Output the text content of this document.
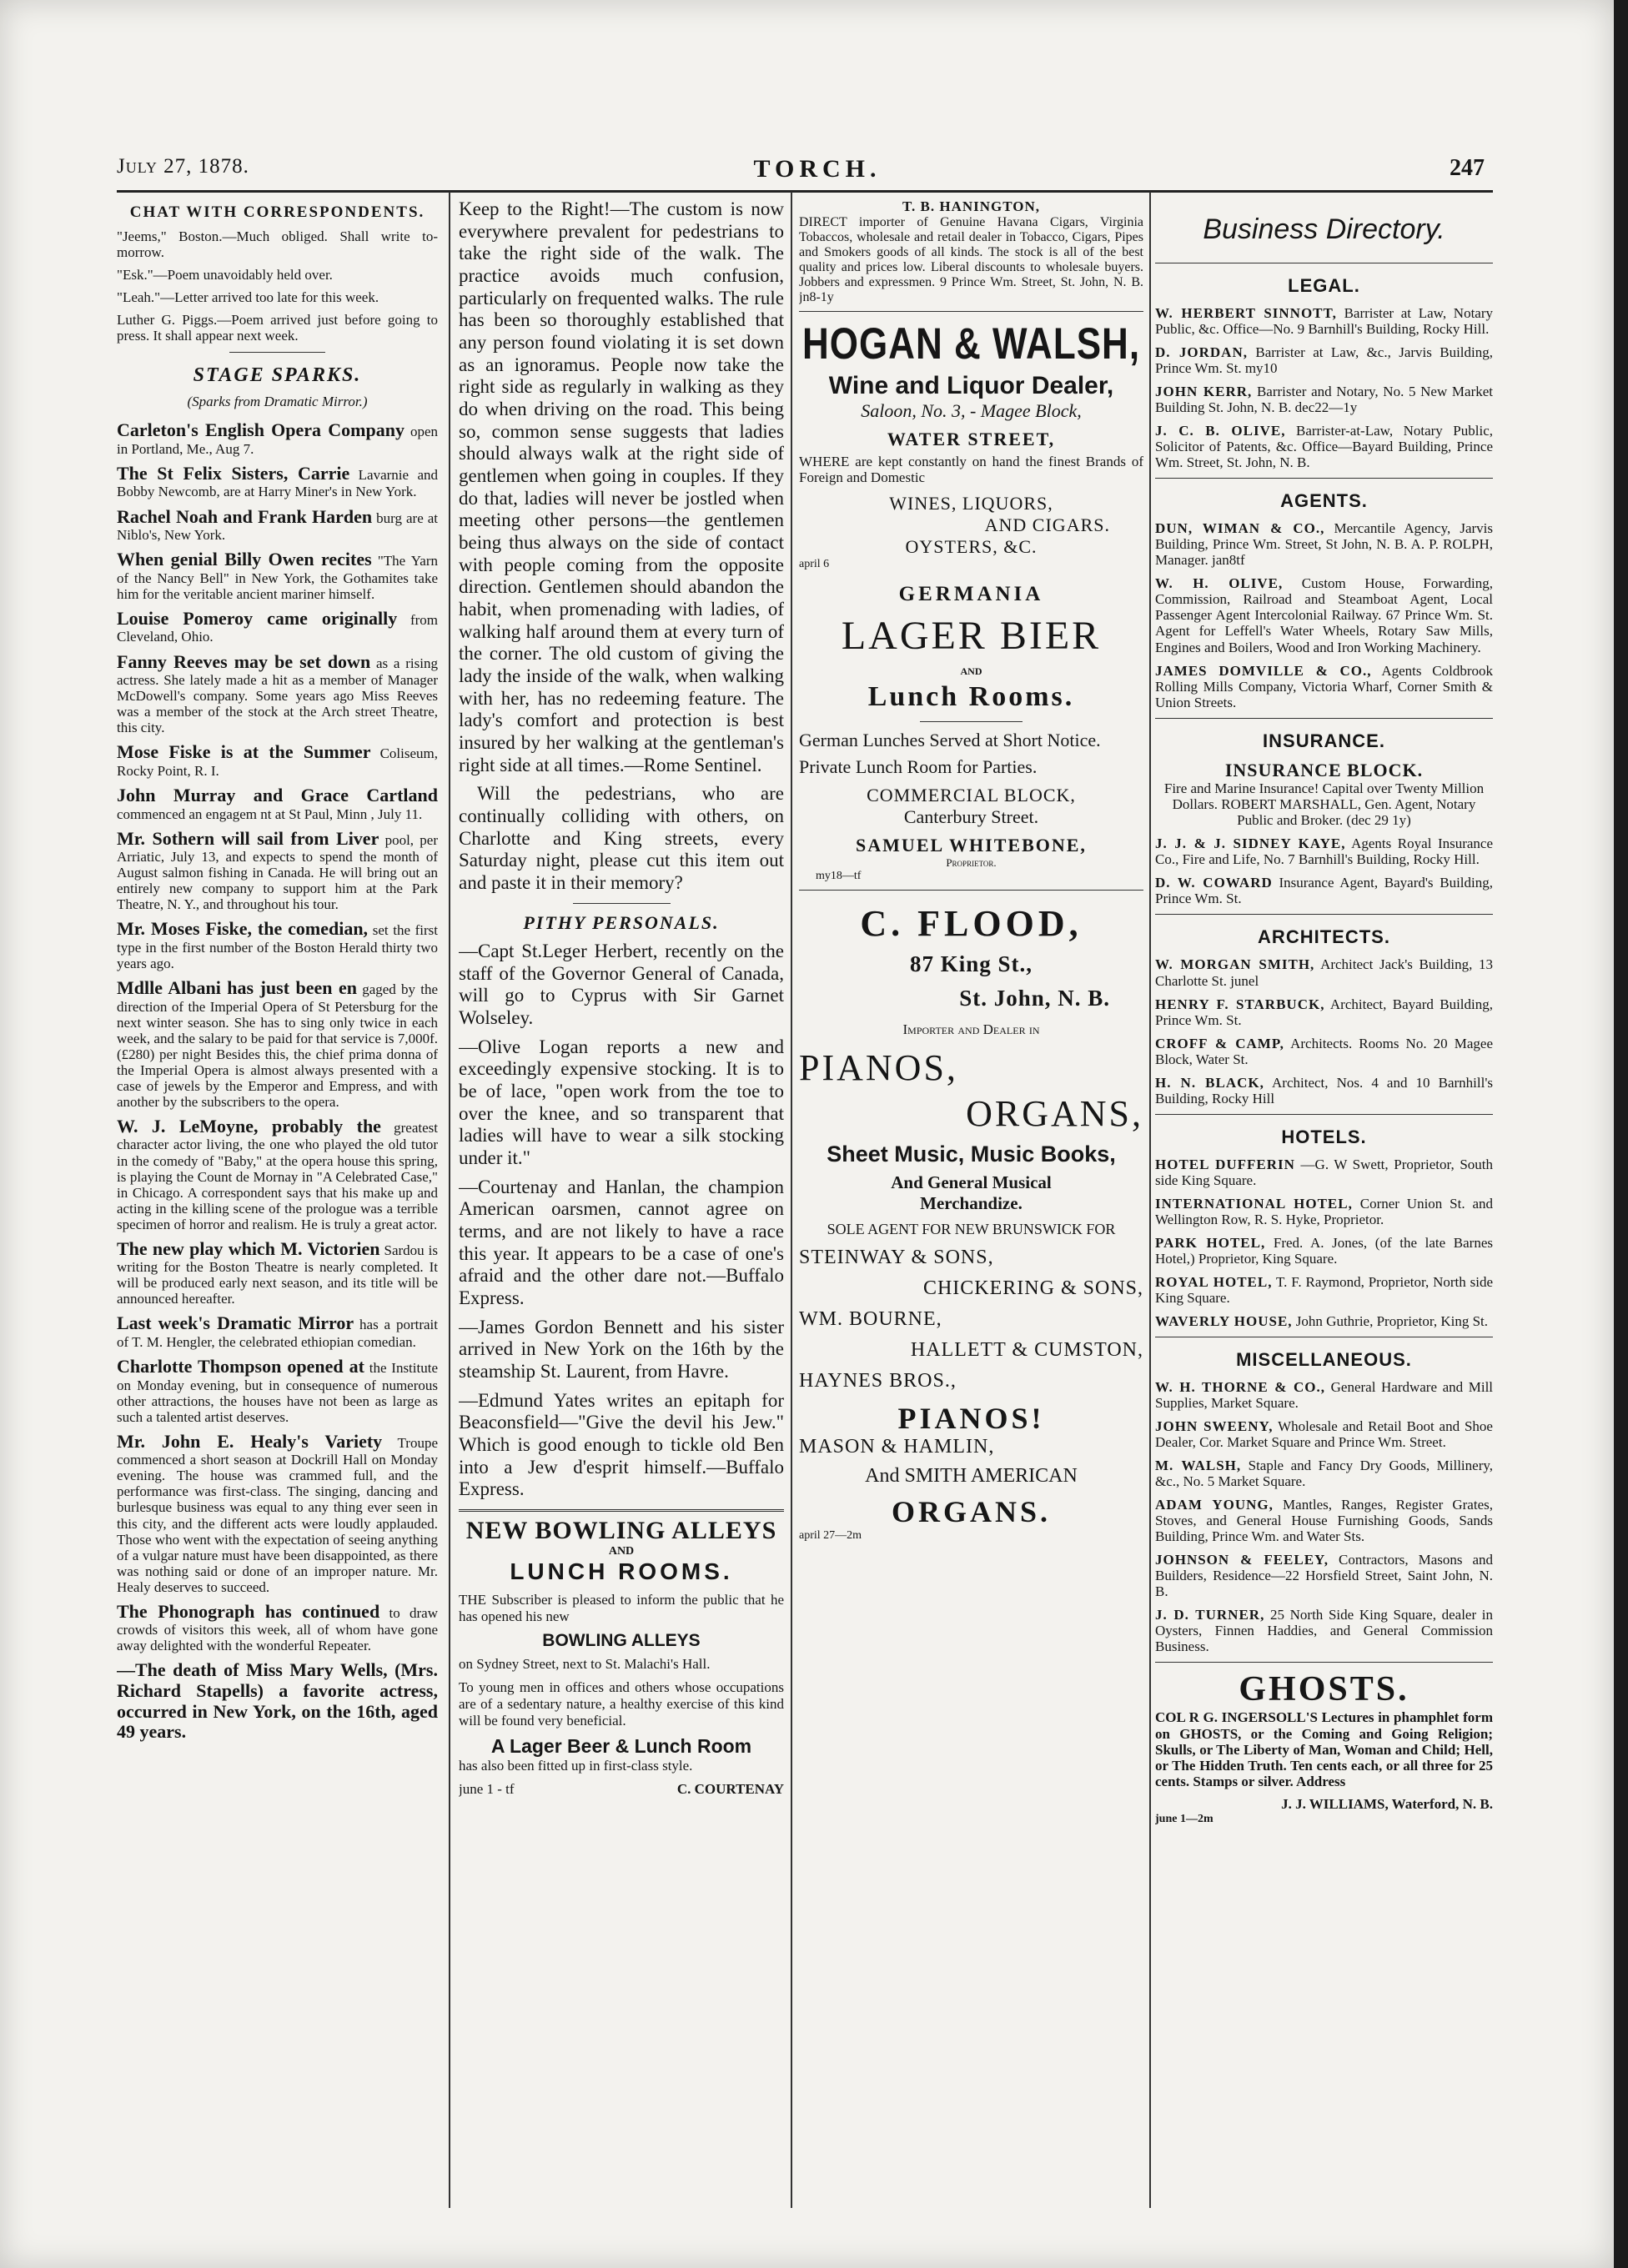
July 27, 1878.	TORCH.	247
CHAT WITH CORRESPONDENTS.

"Jeems," Boston.—Much obliged. Shall write to-morrow.

"Esk."—Poem unavoidably held over.

"Leah."—Letter arrived too late for this week.

Luther G. Piggs.—Poem arrived just before going to press. It shall appear next week.

STAGE SPARKS.
(Sparks from Dramatic Mirror.)

Carleton's English Opera Company open in Portland, Me., Aug 7.

The St Felix Sisters, Carrie Lavarnie and Bobby Newcomb, are at Harry Miner's in New York.

Rachel Noah and Frank Harden burg are at Niblo's, New York.

When genial Billy Owen recites "The Yarn of the Nancy Bell" in New York, the Gothamites take him for the veritable ancient mariner himself.

Louise Pomeroy came originally from Cleveland, Ohio.

Fanny Reeves may be set down as a rising actress. She lately made a hit as a member of Manager McDowell's company. Some years ago Miss Reeves was a member of the stock at the Arch street Theatre, this city.

Mose Fiske is at the Summer Coliseum, Rocky Point, R. I.

John Murray and Grace Cartland commenced an engagem nt at St Paul, Minn , July 11.

Mr. Sothern will sail from Liver pool, per Arriatic, July 13, and expects to spend the month of August salmon fishing in Canada. He will bring out an entirely new company to support him at the Park Theatre, N. Y., and throughout his tour.

Mr. Moses Fiske, the comedian, set the first type in the first number of the Boston Herald thirty two years ago.

Mdlle Albani has just been en gaged by the direction of the Imperial Opera of St Petersburg for the next winter season. She has to sing only twice in each week, and the salary to be paid for that service is 7,000f. (£280) per night Besides this, the chief prima donna of the Imperial Opera is almost always presented with a case of jewels by the Emperor and Empress, and with another by the subscribers to the opera.

W. J. LeMoyne, probably the greatest character actor living, the one who played the old tutor in the comedy of "Baby," at the opera house this spring, is playing the Count de Mornay in "A Celebrated Case," in Chicago. A correspondent says that his make up and acting in the killing scene of the prologue was a terrible specimen of horror and realism. He is truly a great actor.

The new play which M. Victorien Sardou is writing for the Boston Theatre is nearly completed. It will be produced early next season, and its title will be announced hereafter.

Last week's Dramatic Mirror has a portrait of T. M. Hengler, the celebrated ethiopian comedian.

Charlotte Thompson opened at the Institute on Monday evening, but in consequence of numerous other attractions, the houses have not been as large as such a talented artist deserves.

Mr. John E. Healy's Variety Troupe commenced a short season at Dockrill Hall on Monday evening. The house was crammed full, and the performance was first-class. The singing, dancing and burlesque business was equal to any thing ever seen in this city, and the different acts were loudly applauded. Those who went with the expectation of seeing anything of a vulgar nature must have been disappointed, as there was nothing said or done of an improper nature. Mr. Healy deserves to succeed.

The Phonograph has continued to draw crowds of visitors this week, all of whom have gone away delighted with the wonderful Repeater.

—The death of Miss Mary Wells, (Mrs. Richard Stapells) a favorite actress, occurred in New York, on the 16th, aged 49 years.

Keep to the Right!—The custom is now everywhere prevalent for pedestrians to take the right side of the walk. The practice avoids much confusion, particularly on frequented walks. The rule has been so thoroughly established that any person found violating it is set down as an ignoramus. People now take the right side as regularly in walking as they do when driving on the road. This being so, common sense suggests that ladies should always walk at the right side of gentlemen when going in couples. If they do that, ladies will never be jostled when meeting other persons—the gentlemen being thus always on the side of contact with people coming from the opposite direction. Gentlemen should abandon the habit, when promenading with ladies, of walking half around them at every turn of the corner. The old custom of giving the lady the inside of the walk, when walking with her, has no redeeming feature. The lady's comfort and protection is best insured by her walking at the gentleman's right side at all times.—Rome Sentinel.

Will the pedestrians, who are continually colliding with others, on Charlotte and King streets, every Saturday night, please cut this item out and paste it in their memory?

PITHY PERSONALS.

—Capt St.Leger Herbert, recently on the staff of the Governor General of Canada, will go to Cyprus with Sir Garnet Wolseley.

—Olive Logan reports a new and exceedingly expensive stocking. It is to be of lace, "open work from the toe to over the knee, and so transparent that ladies will have to wear a silk stocking under it."

—Courtenay and Hanlan, the champion American oarsmen, cannot agree on terms, and are not likely to have a race this year. It appears to be a case of one's afraid and the other dare not.—Buffalo Express.

—James Gordon Bennett and his sister arrived in New York on the 16th by the steamship St. Laurent, from Havre.

—Edmund Yates writes an epitaph for Beaconsfield—"Give the devil his Jew." Which is good enough to tickle old Ben into a Jew d'esprit himself.—Buffalo Express.

NEW BOWLING ALLEYS
AND
LUNCH ROOMS.

THE Subscriber is pleased to inform the public that he has opened his new

BOWLING ALLEYS

on Sydney Street, next to St. Malachi's Hall.

To young men in offices and others whose occupations are of a sedentary nature, a healthy exercise of this kind will be found very beneficial.

A Lager Beer & Lunch Room

has also been fitted up in first-class style.

june 1 - tf	C. COURTENAY
T. B. HANINGTON,

DIRECT importer of Genuine Havana Cigars, Virginia Tobaccos, wholesale and retail dealer in Tobacco, Cigars, Pipes and Smokers goods of all kinds. The stock is all of the best quality and prices low. Liberal discounts to wholesale buyers. Jobbers and expressmen. 9 Prince Wm. Street, St. John, N. B. jn8-1y

HOGAN & WALSH,
Wine and Liquor Dealer,
Saloon, No. 3, - Magee Block,
WATER STREET,

WHERE are kept constantly on hand the finest Brands of Foreign and Domestic

WINES, LIQUORS,
AND CIGARS.
OYSTERS, &C.
april 6
GERMANIA
LAGER BIER
AND
Lunch Rooms.

German Lunches Served at Short Notice.

Private Lunch Room for Parties.

COMMERCIAL BLOCK,
Canterbury Street.
SAMUEL WHITEBONE,
Proprietor.
my18—tf
C. FLOOD,
87 King St.,
St. John, N. B.
Importer and Dealer in
PIANOS,
ORGANS,
Sheet Music, Music Books,
And General Musical Merchandize.
SOLE AGENT FOR NEW BRUNSWICK FOR
STEINWAY & SONS,
CHICKERING & SONS,
WM. BOURNE,
HALLETT & CUMSTON,
HAYNES BROS.,
PIANOS!
MASON & HAMLIN,
And SMITH AMERICAN
ORGANS.
april 27—2m
Business Directory.
LEGAL.

W. HERBERT SINNOTT, Barrister at Law, Notary Public, &c. Office—No. 9 Barnhill's Building, Rocky Hill.

D. JORDAN, Barrister at Law, &c., Jarvis Building, Prince Wm. St. my10

JOHN KERR, Barrister and Notary, No. 5 New Market Building St. John, N. B. dec22—1y

J. C. B. OLIVE, Barrister-at-Law, Notary Public, Solicitor of Patents, &c. Office—Bayard Building, Prince Wm. Street, St. John, N. B.

AGENTS.

DUN, WIMAN & CO., Mercantile Agency, Jarvis Building, Prince Wm. Street, St John, N. B. A. P. ROLPH, Manager. jan8tf

W. H. OLIVE, Custom House, Forwarding, Commission, Railroad and Steamboat Agent, Local Passenger Agent Intercolonial Railway. 67 Prince Wm. St. Agent for Leffell's Water Wheels, Rotary Saw Mills, Engines and Boilers, Wood and Iron Working Machinery.

JAMES DOMVILLE & CO., Agents Coldbrook Rolling Mills Company, Victoria Wharf, Corner Smith & Union Streets.

INSURANCE.

INSURANCE BLOCK.
Fire and Marine Insurance! Capital over Twenty Million Dollars. ROBERT MARSHALL, Gen. Agent, Notary Public and Broker. (dec 29 1y)

J. J. & J. SIDNEY KAYE, Agents Royal Insurance Co., Fire and Life, No. 7 Barnhill's Building, Rocky Hill.

D. W. COWARD Insurance Agent, Bayard's Building, Prince Wm. St.

ARCHITECTS.

W. MORGAN SMITH, Architect Jack's Building, 13 Charlotte St. junel

HENRY F. STARBUCK, Architect, Bayard Building, Prince Wm. St.

CROFF & CAMP, Architects. Rooms No. 20 Magee Block, Water St.

H. N. BLACK, Architect, Nos. 4 and 10 Barnhill's Building, Rocky Hill

HOTELS.

HOTEL DUFFERIN —G. W Swett, Proprietor, South side King Square.

INTERNATIONAL HOTEL, Corner Union St. and Wellington Row, R. S. Hyke, Proprietor.

PARK HOTEL, Fred. A. Jones, (of the late Barnes Hotel,) Proprietor, King Square.

ROYAL HOTEL, T. F. Raymond, Proprietor, North side King Square.

WAVERLY HOUSE, John Guthrie, Proprietor, King St.

MISCELLANEOUS.

W. H. THORNE & CO., General Hardware and Mill Supplies, Market Square.

JOHN SWEENY, Wholesale and Retail Boot and Shoe Dealer, Cor. Market Square and Prince Wm. Street.

M. WALSH, Staple and Fancy Dry Goods, Millinery, &c., No. 5 Market Square.

ADAM YOUNG, Mantles, Ranges, Register Grates, Stoves, and General House Furnishing Goods, Sands Building, Prince Wm. and Water Sts.

JOHNSON & FEELEY, Contractors, Masons and Builders, Residence—22 Horsfield Street, Saint John, N. B.

J. D. TURNER, 25 North Side King Square, dealer in Oysters, Finnen Haddies, and General Commission Business.

GHOSTS.

COL R G. INGERSOLL'S Lectures in phamphlet form on GHOSTS, or the Coming and Going Religion; Skulls, or The Liberty of Man, Woman and Child; Hell, or The Hidden Truth. Ten cents each, or all three for 25 cents. Stamps or silver. Address

J. J. WILLIAMS, Waterford, N. B.
june 1—2m
